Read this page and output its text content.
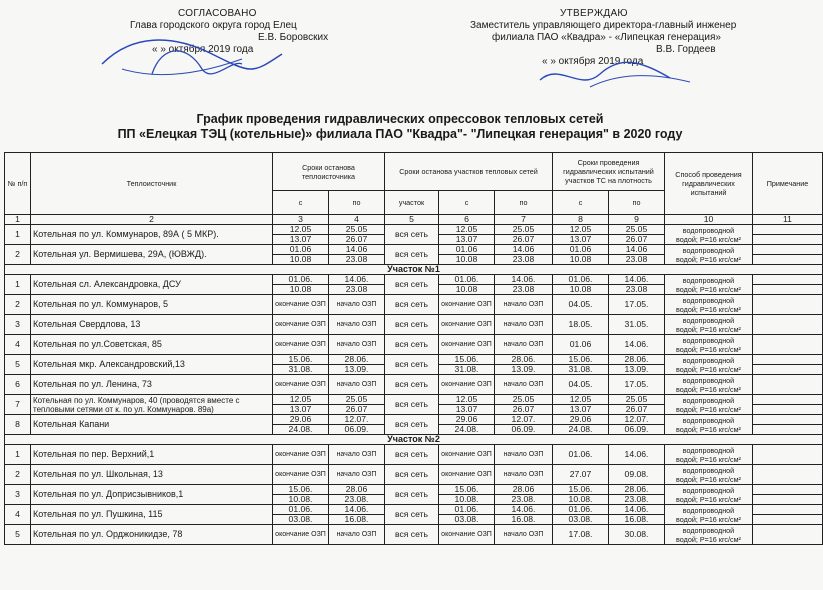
СОГЛАСОВАНО
Глава городского округа город Елец
Е.В. Боровских
« » октября 2019 года
УТВЕРЖДАЮ
Заместитель управляющего директора-главный инженер
филиала ПАО «Квадра» - «Липецкая генерация»
В.В. Гордеев
« » октября 2019 года
График проведения гидравлических опрессовок тепловых сетей
ПП «Елецкая ТЭЦ (котельные)» филиала ПАО "Квадра"- "Липецкая генерация" в 2020 году
№ п/п	Теплоисточник	Сроки останова теплоисточника		Сроки останова участков тепловых сетей			Сроки проведения гидравлических испытаний участков ТС на плотность		Способ проведения гидравлических испытаний	Примечание
		с	по	участок	с	по	с	по		
1	2	3	4	5	6	7	8	9	10	11
1	Котельная по ул. Коммунаров, 89А ( 5 МКР).	12.05	25.05	вся сеть	12.05	25.05	12.05	25.05	водопроводной
водой; Р=16 кгс/см²	

		13.07	26.07		13.07	26.07	13.07	26.07		
2	Котельная ул. Вермишева, 29А, (ЮВЖД).	01.06	14.06	вся сеть	01.06	14.06	01.06	14.06	водопроводной
водой; Р=16 кгс/см²	

		10.08	23.08		10.08	23.08	10.08	23.08		
Участок №1										
1	Котельная сл. Александровка, ДСУ	01.06.	14.06.	вся сеть	01.06.	14.06.	01.06.	14.06.	водопроводной
водой; Р=16 кгс/см²	

		10.08	23.08		10.08	23.08	10.08	23.08		
2	Котельная по ул. Коммунаров, 5	окончание ОЗП	начало ОЗП	вся сеть	окончание ОЗП	начало ОЗП	04.05.	17.05.	водопроводной
водой; Р=16 кгс/см²	

3	Котельная Свердлова, 13	окончание ОЗП	начало ОЗП	вся сеть	окончание ОЗП	начало ОЗП	18.05.	31.05.	водопроводной
водой; Р=16 кгс/см²	

4	Котельная по ул.Советская, 85	окончание ОЗП	начало ОЗП	вся сеть	окончание ОЗП	начало ОЗП	01.06	14.06.	водопроводной
водой; Р=16 кгс/см²	

5	Котельная мкр. Александровский,13	15.06.	28.06.	вся сеть	15.06.	28.06.	15.06.	28.06.	водопроводной
водой; Р=16 кгс/см²	

		31.08.	13.09.		31.08.	13.09.	31.08.	13.09.		
6	Котельная по ул. Ленина, 73	окончание ОЗП	начало ОЗП	вся сеть	окончание ОЗП	начало ОЗП	04.05.	17.05.	водопроводной
водой; Р=16 кгс/см²	

7	Котельная по ул. Коммунаров, 40 (проводятся вместе с тепловыми сетями от к. по ул. Коммунаров. 89а)	12.05	25.05	вся сеть	12.05	25.05	12.05	25.05	водопроводной
водой; Р=16 кгс/см²	

		13.07	26.07		13.07	26.07	13.07	26.07		
8	Котельная Капани	29.06	12.07.	вся сеть	29.06	12.07.	29.06	12.07.	водопроводной
водой; Р=16 кгс/см²	

		24.08.	06.09.		24.08.	06.09.	24.08.	06.09.		
Участок №2										
1	Котельная по пер. Верхний,1	окончание ОЗП	начало ОЗП	вся сеть	окончание ОЗП	начало ОЗП	01.06.	14.06.	водопроводной
водой; Р=16 кгс/см²	

2	Котельная по ул. Школьная, 13	окончание ОЗП	начало ОЗП	вся сеть	окончание ОЗП	начало ОЗП	27.07	09.08.	водопроводной
водой; Р=16 кгс/см²	

3	Котельная по ул. Доприсзывников,1	15.06.	28.06	вся сеть	15.06.	28.06	15.06.	28.06.	водопроводной
водой; Р=16 кгс/см²	

		10.08.	23.08.		10.08.	23.08.	10.08.	23.08.		
4	Котельная по ул. Пушкина, 115	01.06.	14.06.	вся сеть	01.06.	14.06.	01.06.	14.06.	водопроводной
водой; Р=16 кгс/см²	

		03.08.	16.08.		03.08.	16.08.	03.08.	16.08.		
5	Котельная по ул. Орджоникидзе, 78	окончание ОЗП	начало ОЗП	вся сеть	окончание ОЗП	начало ОЗП	17.08.	30.08.	водопроводной
водой; Р=16 кгс/см²	
